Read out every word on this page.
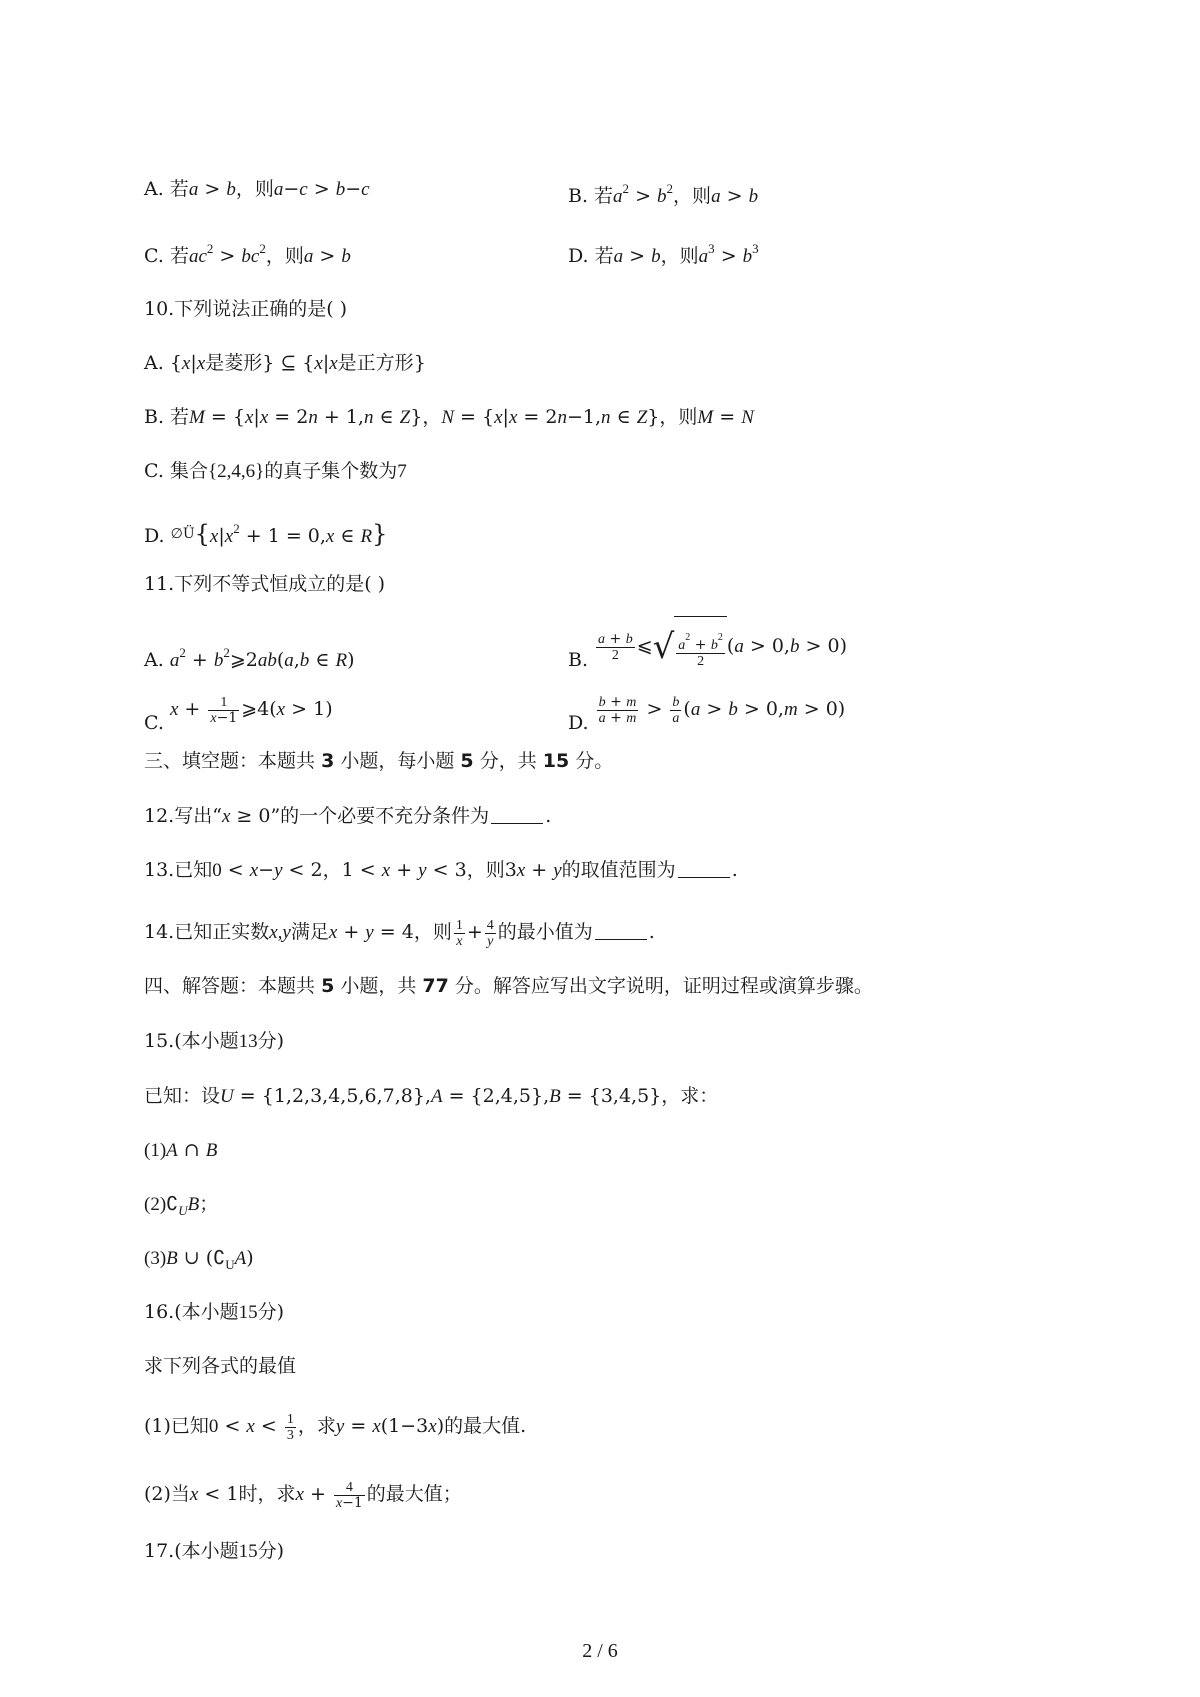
A. 若a > b，则a−c > b−c	B. 若$a^2 > b^2$，则a > b
C. 若$ac^2 > bc^2$，则a > b	D. 若a > b，则$a^3 > b^3$
10.下列说法正确的是( )
A. {x|x是菱形} ⊆ {x|x是正方形}
B. 若M = {x|x = 2n + 1,n ∈ Z}，N = {x|x = 2n−1,n ∈ Z}，则M = N
C. 集合{2,4,6}的真子集个数为7
D. $^{\emptyset Ü}\{x|x^2 + 1 = 0,x$ ∈ R}
11.下列不等式恒成立的是( )
A. $a^2$ + $b^2⩾2ab(a,b$ ∈ R)	B. $\frac{a + b}{2}$ ⩽√ $\frac{a^2 + b^2}{2} (a > 0,b > 0)$
C. $x + \frac{1}{x-1}$ ⩾4(x > 1)
D. $\frac{b + m}{a + m} > \frac{b}{a} (a > b > 0,m > 0)$
三、填空题：本题共 3 小题，每小题 5 分，共 15 分。
12.写出“x ≥ 0”的一个必要不充分条件为	.
13.已知0 < x−y < 2，1 < x + y < 3，则3x + y的取值范围为	.
14.已知正实数x,y满足x + y = 4，则 $\frac{1}{x} + \frac{4}{y}$ 的最小值为	.
四、解答题：本题共 5 小题，共 77 分。解答应写出文字说明，证明过程或演算步骤。
15.(本小题13分)
已知：设U = {1,2,3,4,5,6,7,8},A = {2,4,5},B = {3,4,5}，求：
(1)A ∩ B
$(2)∁_UB$；
(3)B ∪ $(∁_UA)$
16.(本小题15分)
求下列各式的最值
(1)已知$0 < x < \frac{1}{3}$ ，求y = x(1−3x)的最大值.
(2)当x < 1时，求$x + \frac{4}{x-1}$ 的最大值；
17.(本小题15分)
2 / 6
